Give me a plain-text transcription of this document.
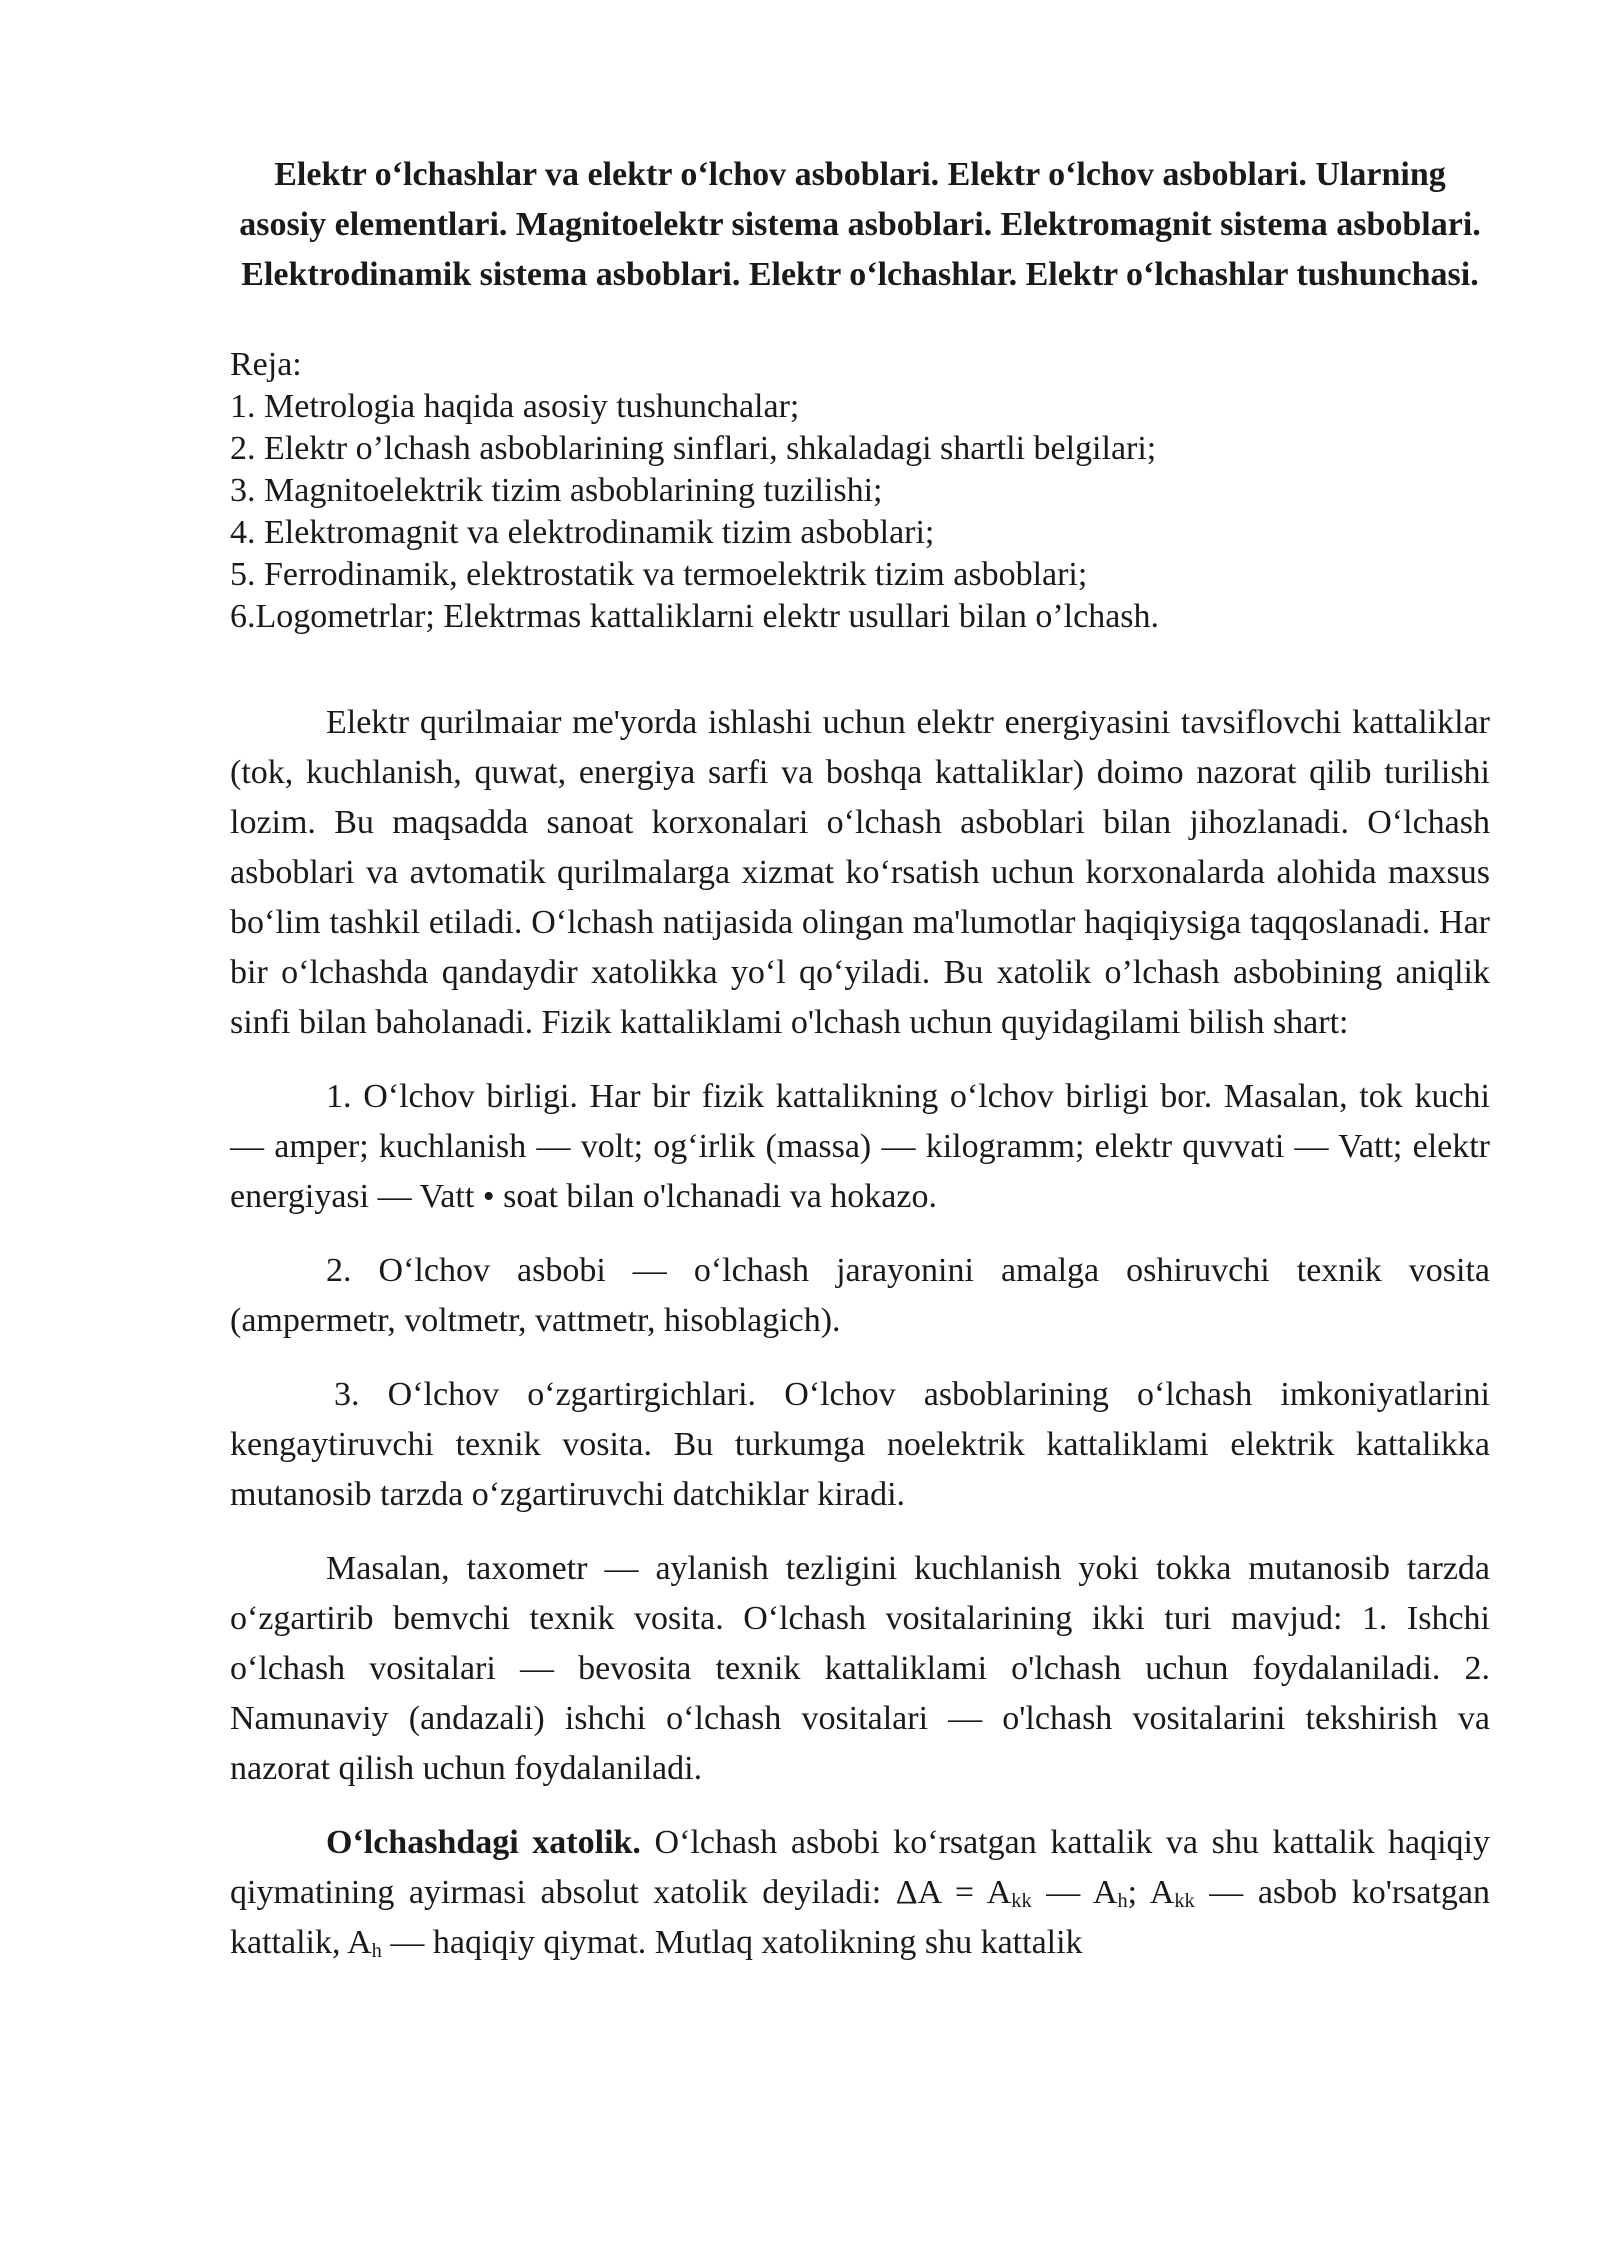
Elektr o‘lchashlar va elektr o‘lchov asboblari. Elektr o‘lchov asboblari. Ularning asosiy elementlari. Magnitoelektr sistema asboblari. Elektromagnit sistema asboblari. Elektrodinamik sistema asboblari. Elektr o‘lchashlar. Elektr o‘lchashlar tushunchasi.
Reja:
1. Metrologia haqida asosiy tushunchalar;
2. Elektr o’lchash asboblarining sinflari, shkaladagi shartli belgilari;
3. Magnitoelektrik tizim asboblarining tuzilishi;
4. Elektromagnit va elektrodinamik tizim asboblari;
5. Ferrodinamik, elektrostatik va termoelektrik tizim asboblari;
6.Logometrlar; Elektrmas kattaliklarni elektr usullari bilan o’lchash.

Elektr qurilmaiar me'yorda ishlashi uchun elektr energiyasini tavsiflovchi kattaliklar (tok, kuchlanish, quwat, energiya sarfi va boshqa kattaliklar) doimo nazorat qilib turilishi lozim. Bu maqsadda sanoat korxonalari o‘lchash asboblari bilan jihozlanadi. O‘lchash asboblari va avtomatik qurilmalarga xizmat ko‘rsatish uchun korxonalarda alohida maxsus bo‘lim tashkil etiladi. O‘lchash natijasida olingan ma'lumotlar haqiqiysiga taqqoslanadi. Har bir o‘lchashda qandaydir xatolikka yo‘l qo‘yiladi. Bu xatolik o’lchash asbobining aniqlik sinfi bilan baholanadi. Fizik kattaliklami o'lchash uchun quyidagilami bilish shart:

1. O‘lchov birligi. Har bir fizik kattalikning o‘lchov birligi bor. Masalan, tok kuchi — amper; kuchlanish — volt; og‘irlik (massa) — kilogramm; elektr quvvati — Vatt; elektr energiyasi — Vatt • soat bilan o'lchanadi va hokazo.

2. O‘lchov asbobi — o‘lchash jarayonini amalga oshiruvchi texnik vosita (ampermetr, voltmetr, vattmetr, hisoblagich).

3. O‘lchov o‘zgartirgichlari. O‘lchov asboblarining o‘lchash imkoniyatlarini kengaytiruvchi texnik vosita. Bu turkumga noelektrik kattaliklami elektrik kattalikka mutanosib tarzda o‘zgartiruvchi datchiklar kiradi.

Masalan, taxometr — aylanish tezligini kuchlanish yoki tokka mutanosib tarzda o‘zgartirib bemvchi texnik vosita. O‘lchash vositalarining ikki turi mavjud: 1. Ishchi o‘lchash vositalari — bevosita texnik kattaliklami o'lchash uchun foydalaniladi. 2. Namunaviy (andazali) ishchi o‘lchash vositalari — o'lchash vositalarini tekshirish va nazorat qilish uchun foydalaniladi.

O‘lchashdagi xatolik. O‘lchash asbobi ko‘rsatgan kattalik va shu kattalik haqiqiy qiymatining ayirmasi absolut xatolik deyiladi: $\Delta A = A_{kk}$ — $A_h$; $A_{kk}$ — asbob ko'rsatgan kattalik, $A_h$ — haqiqiy qiymat. Mutlaq xatolikning shu kattalik
